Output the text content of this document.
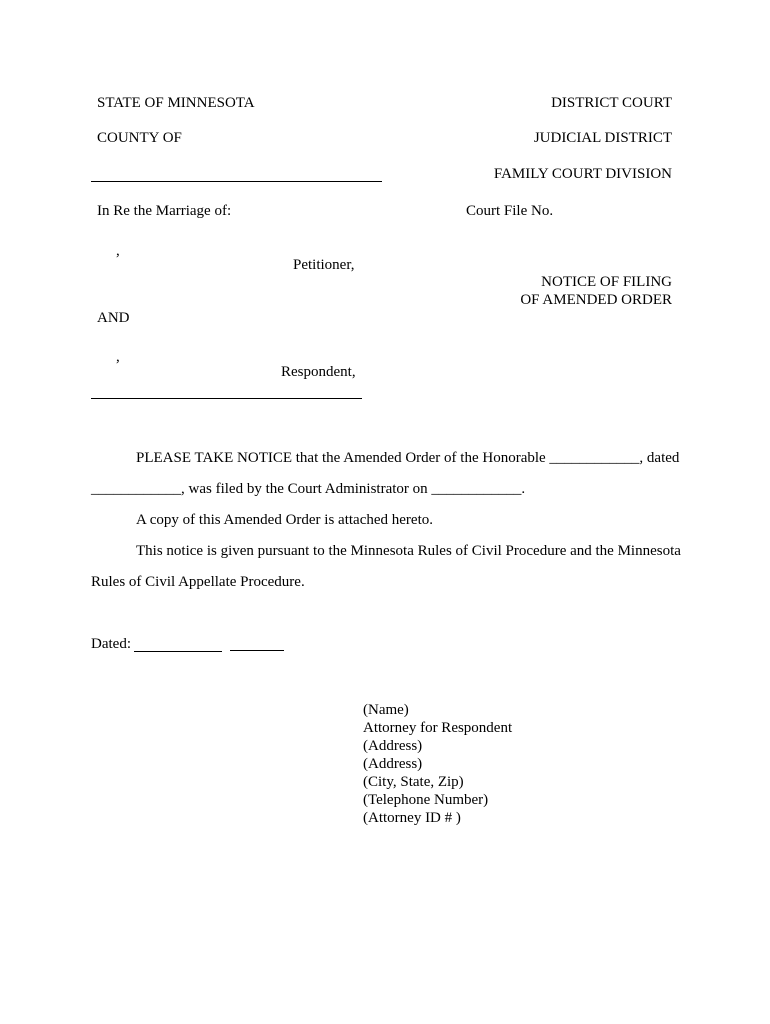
STATE OF MINNESOTA	DISTRICT COURT
COUNTY OF	JUDICIAL DISTRICT
FAMILY COURT DIVISION
In Re the Marriage of:	Court File No.
,
Petitioner,
NOTICE OF FILING
OF AMENDED ORDER
AND
,
Respondent,
PLEASE TAKE NOTICE that the Amended Order of the Honorable ____________, dated
____________, was filed by the Court Administrator on ____________.
A copy of this Amended Order is attached hereto.
This notice is given pursuant to the Minnesota Rules of Civil Procedure and the Minnesota
Rules of Civil Appellate Procedure.
Dated:
(Name)
Attorney for Respondent
(Address)
(Address)
(City, State, Zip)
(Telephone Number)
(Attorney ID # )
